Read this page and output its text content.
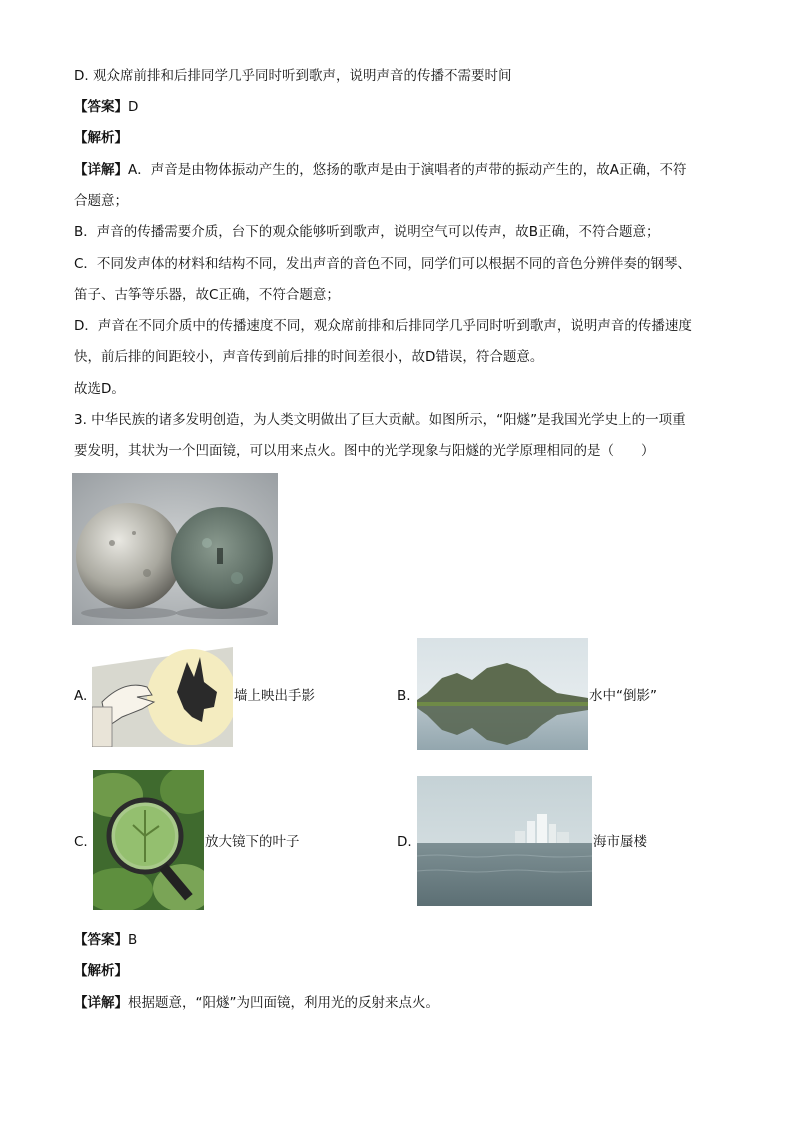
D. 观众席前排和后排同学几乎同时听到歌声，说明声音的传播不需要时间
【答案】D
【解析】
【详解】A．声音是由物体振动产生的，悠扬的歌声是由于演唱者的声带的振动产生的，故A正确，不符
合题意；
B．声音的传播需要介质，台下的观众能够听到歌声，说明空气可以传声，故B正确，不符合题意；
C．不同发声体的材料和结构不同，发出声音的音色不同，同学们可以根据不同的音色分辨伴奏的钢琴、
笛子、古筝等乐器，故C正确，不符合题意；
D．声音在不同介质中的传播速度不同，观众席前排和后排同学几乎同时听到歌声，说明声音的传播速度
快，前后排的间距较小，声音传到前后排的时间差很小，故D错误，符合题意。
故选D。
3. 中华民族的诸多发明创造，为人类文明做出了巨大贡献。如图所示，“阳燧”是我国光学史上的一项重
要发明，其状为一个凹面镜，可以用来点火。图中的光学现象与阳燧的光学原理相同的是（　　）
A.	墙上映出手影	B.	水中“倒影”
C.	放大镜下的叶子	D.	海市蜃楼
【答案】B
【解析】
【详解】根据题意，“阳燧”为凹面镜，利用光的反射来点火。
